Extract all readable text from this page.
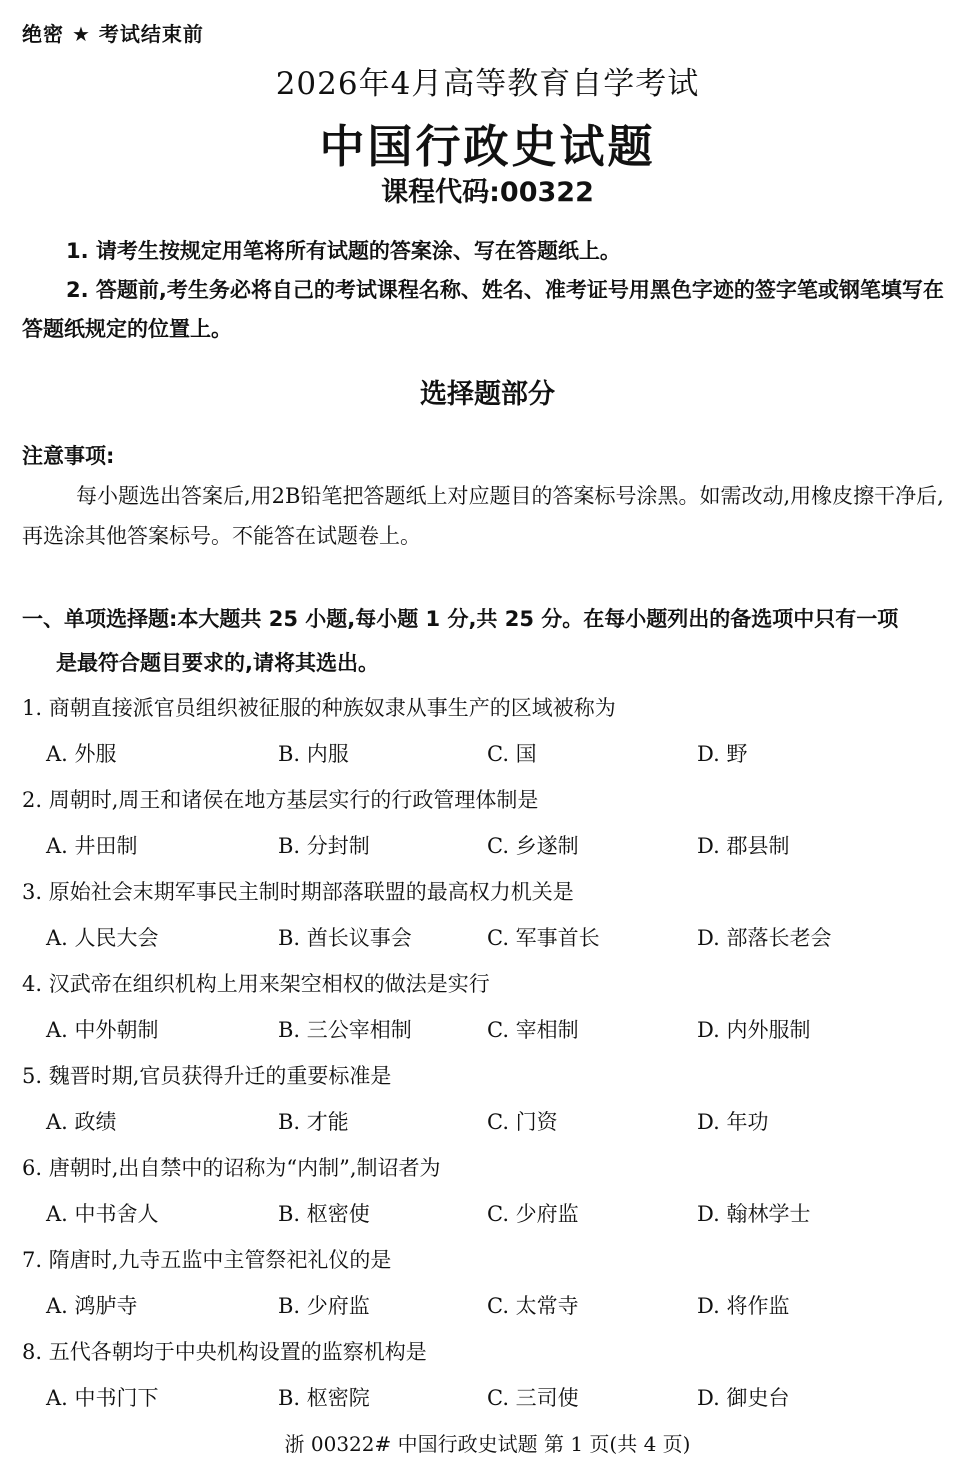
绝密 ★ 考试结束前
2026年4月高等教育自学考试
中国行政史试题
课程代码:00322

1. 请考生按规定用笔将所有试题的答案涂、写在答题纸上。

2. 答题前,考生务必将自己的考试课程名称、姓名、准考证号用黑色字迹的签字笔或钢笔填写在答题纸规定的位置上。

选择题部分
注意事项:

每小题选出答案后,用2B铅笔把答题纸上对应题目的答案标号涂黑。如需改动,用橡皮擦干净后,再选涂其他答案标号。不能答在试题卷上。

一、单项选择题:本大题共 25 小题,每小题 1 分,共 25 分。在每小题列出的备选项中只有一项
是最符合题目要求的,请将其选出。
1. 商朝直接派官员组织被征服的种族奴隶从事生产的区域被称为
A. 外服	B. 内服	C. 国	D. 野
2. 周朝时,周王和诸侯在地方基层实行的行政管理体制是
A. 井田制	B. 分封制	C. 乡遂制	D. 郡县制
3. 原始社会末期军事民主制时期部落联盟的最高权力机关是
A. 人民大会	B. 酋长议事会	C. 军事首长	D. 部落长老会
4. 汉武帝在组织机构上用来架空相权的做法是实行
A. 中外朝制	B. 三公宰相制	C. 宰相制	D. 内外服制
5. 魏晋时期,官员获得升迁的重要标准是
A. 政绩	B. 才能	C. 门资	D. 年功
6. 唐朝时,出自禁中的诏称为“内制”,制诏者为
A. 中书舍人	B. 枢密使	C. 少府监	D. 翰林学士
7. 隋唐时,九寺五监中主管祭祀礼仪的是
A. 鸿胪寺	B. 少府监	C. 太常寺	D. 将作监
8. 五代各朝均于中央机构设置的监察机构是
A. 中书门下	B. 枢密院	C. 三司使	D. 御史台
浙 00322# 中国行政史试题 第 1 页(共 4 页)
